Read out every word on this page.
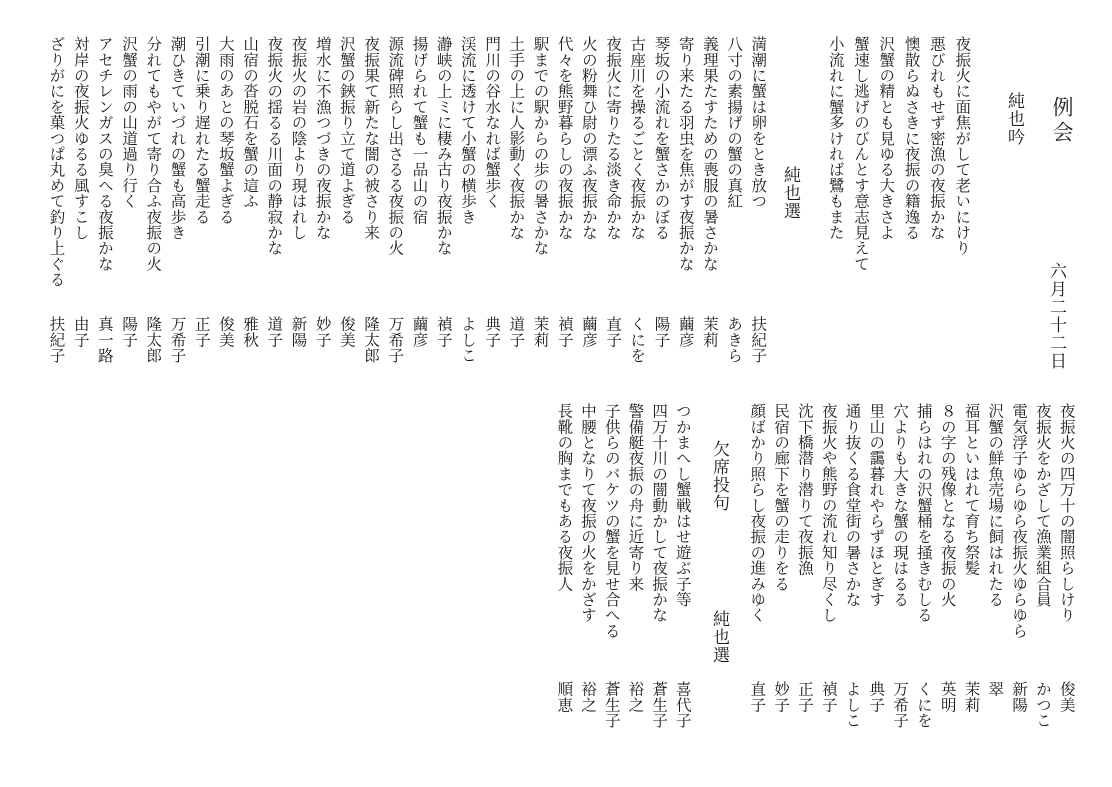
例会
六月二十二日
純也吟
夜振火に面焦がして老いにけり
悪びれもせず密漁の夜振かな
懊散らぬさきに夜振の籍逸る
沢蟹の精とも見ゆる大きさよ
蟹速し逃げのびんとす意志見えて
小流れに蟹多ければ鷺もまた
純也選
満潮に蟹は卵をとき放つ
扶紀子
八寸の素揚げの蟹の真紅
あきら
義理果たすための喪服の暑さかな
茉莉
寄り来たる羽虫を焦がす夜振かな
繭彦
琴坂の小流れを蟹さかのぼる
陽子
古座川を操るごとく夜振かな
くにを
夜振火に寄りたる淡き命かな
直子
火の粉舞ひ尉の漂ふ夜振かな
繭彦
代々を熊野暮らしの夜振かな
禎子
駅までの駅からの歩の暑さかな
茉莉
土手の上に人影動く夜振かな
道子
門川の谷水なれば蟹歩く
典子
渓流に透けて小蟹の横歩き
よしこ
瀞峡の上ミに棲み古り夜振かな
禎子
揚げられて蟹も一品山の宿
繭彦
源流碑照らし出さるる夜振の火
万希子
夜振果て新たな闇の被さり来
隆太郎
沢蟹の鋏振り立て道よぎる
俊美
増水に不漁つづきの夜振かな
妙子
夜振火の岩の陰より現はれし
新陽
夜振火の揺るる川面の静寂かな
道子
山宿の沓脱石を蟹の這ふ
雅秋
大雨のあとの琴坂蟹よぎる
俊美
引潮に乗り遅れたる蟹走る
正子
潮ひきていづれの蟹も高歩き
万希子
分れてもやがて寄り合ふ夜振の火
隆太郎
沢蟹の雨の山道過り行く
陽子
アセチレンガスの臭へる夜振かな
真一路
対岸の夜振火ゆるる風すこし
由子
ざりがにを菓つぱ丸めて釣り上ぐる
扶紀子
夜振火の四万十の闇照らしけり
俊美
夜振火をかざして漁業組合員
かつこ
電気浮子ゆらゆら夜振火ゆらゆら
新陽
沢蟹の鮮魚売場に飼はれたる
翠
福耳といはれて育ち祭髪
茉莉
８の字の残像となる夜振の火
英明
捕らはれの沢蟹桶を掻きむしる
くにを
穴よりも大きな蟹の現はるる
万希子
里山の靄暮れやらずほとぎす
典子
通り抜くる食堂街の暑さかな
よしこ
夜振火や熊野の流れ知り尽くし
禎子
沈下橋潜り潜りて夜振漁
正子
民宿の廊下を蟹の走りをる
妙子
顔ばかり照らし夜振の進みゆく
直子
欠席投句
純也選
つかまへし蟹戦はせ遊ぶ子等
喜代子
四万十川の闇動かして夜振かな
蒼生子
警備艇夜振の舟に近寄り来
裕之
子供らのバケツの蟹を見せ合へる
蒼生子
中腰となりて夜振の火をかざす
裕之
長靴の胸までもある夜振人
順恵
